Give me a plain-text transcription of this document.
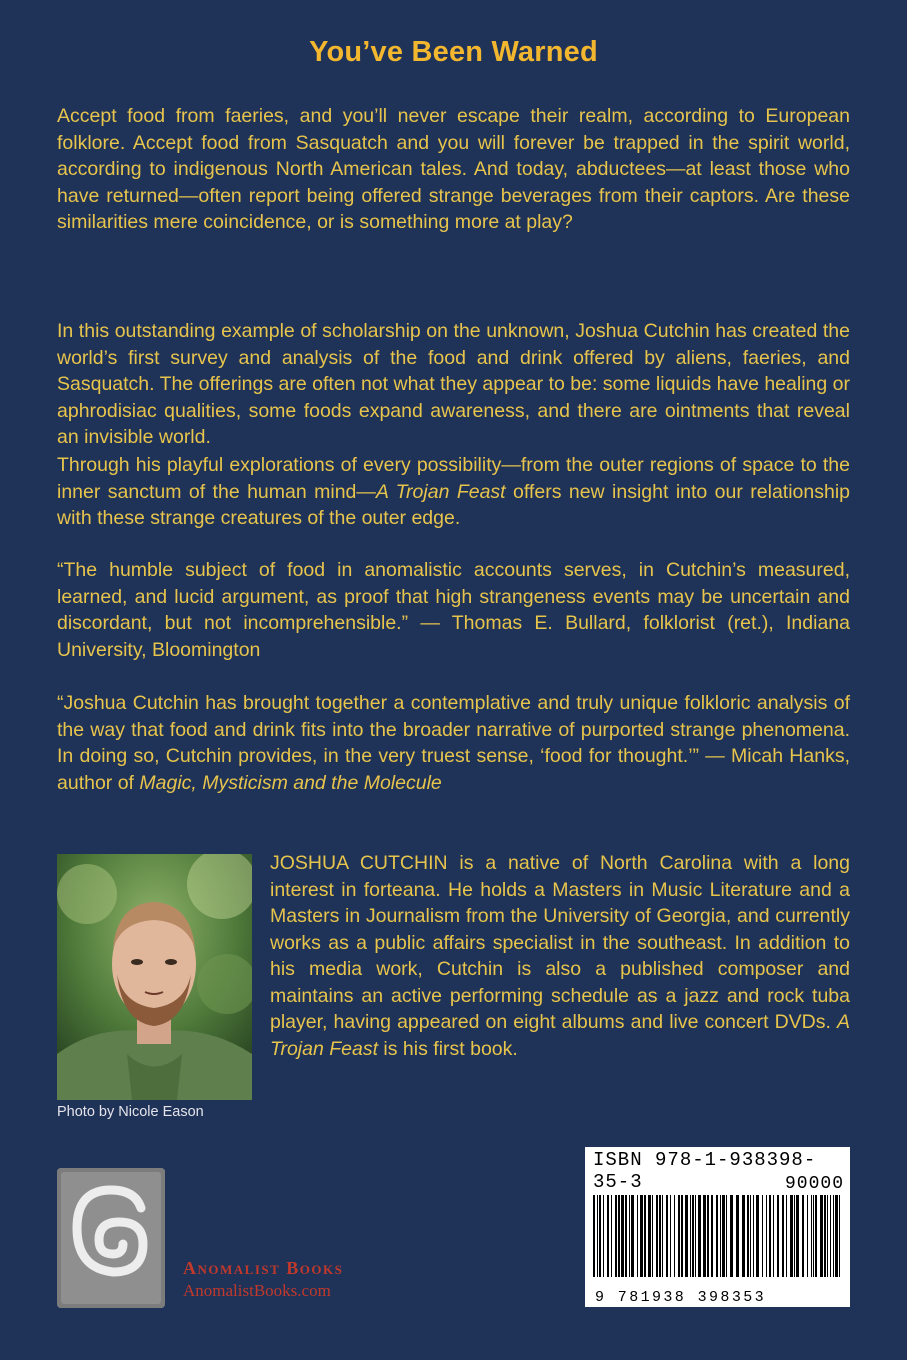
You’ve Been Warned

Accept food from faeries, and you’ll never escape their realm, according to European folklore. Accept food from Sasquatch and you will forever be trapped in the spirit world, according to indigenous North American tales. And today, abductees—at least those who have returned—often report being offered strange beverages from their captors. Are these similarities mere coincidence, or is something more at play?

In this outstanding example of scholarship on the unknown, Joshua Cutchin has created the world’s first survey and analysis of the food and drink offered by aliens, faeries, and Sasquatch. The offerings are often not what they appear to be: some liquids have healing or aphrodisiac qualities, some foods expand awareness, and there are ointments that reveal an invisible world.

Through his playful explorations of every possibility—from the outer regions of space to the inner sanctum of the human mind—A Trojan Feast offers new insight into our relationship with these strange creatures of the outer edge.

“The humble subject of food in anomalistic accounts serves, in Cutchin’s measured, learned, and lucid argument, as proof that high strangeness events may be uncertain and discordant, but not incomprehensible.” — Thomas E. Bullard, folklorist (ret.), Indiana University, Bloomington

“Joshua Cutchin has brought together a contemplative and truly unique folkloric analysis of the way that food and drink fits into the broader narrative of purported strange phenomena. In doing so, Cutchin provides, in the very truest sense, ‘food for thought.’” — Micah Hanks, author of Magic, Mysticism and the Molecule

Photo by Nicole Eason

JOSHUA CUTCHIN is a native of North Carolina with a long interest in forteana. He holds a Masters in Music Literature and a Masters in Journalism from the University of Georgia, and currently works as a public affairs specialist in the southeast. In addition to his media work, Cutchin is also a published composer and maintains an active performing schedule as a jazz and rock tuba player, having appeared on eight albums and live concert DVDs. A Trojan Feast is his first book.

Anomalist Books
AnomalistBooks.com
ISBN 978-1-938398-35-3	90000
9 781938 398353
